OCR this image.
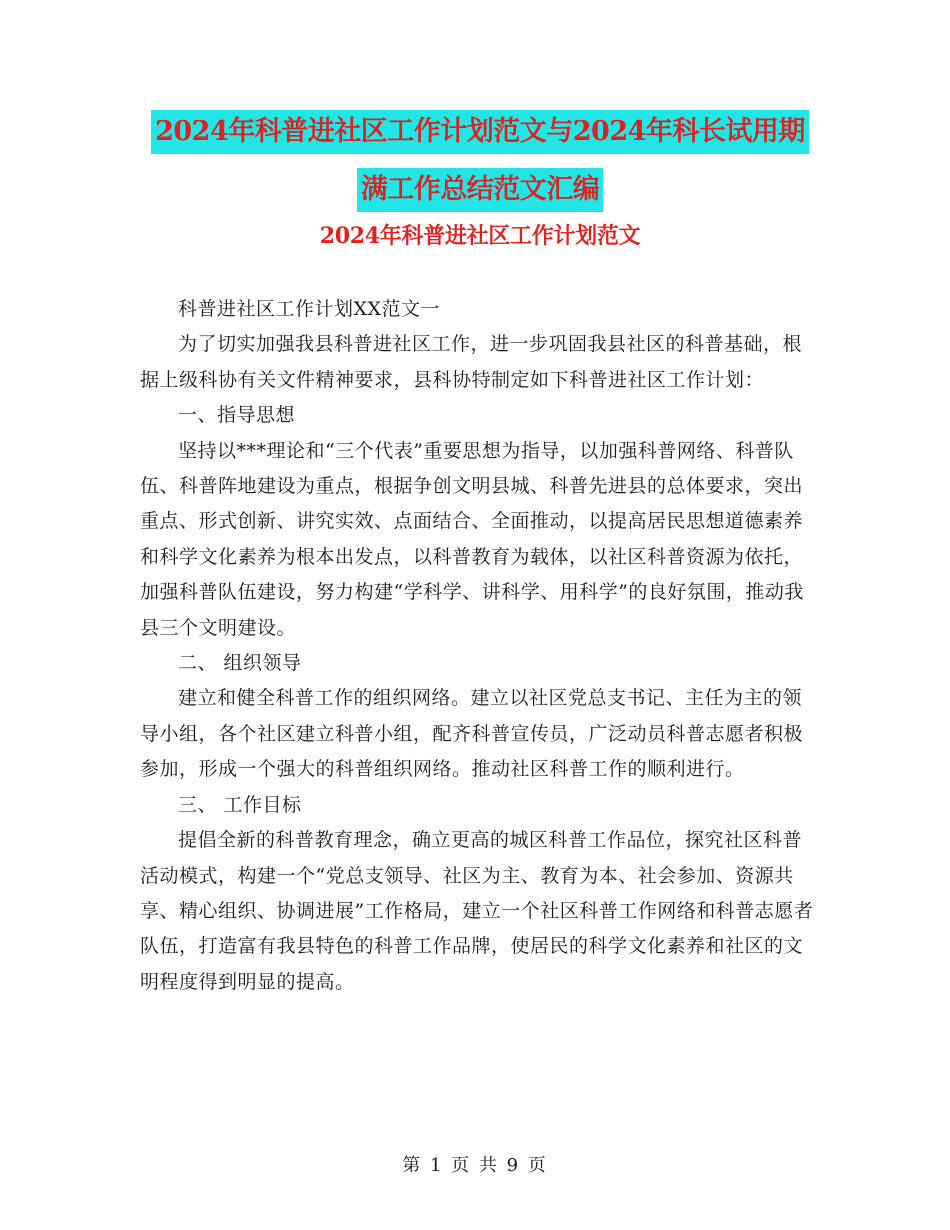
2024年科普进社区工作计划范文与2024年科长试用期
满工作总结范文汇编
2024年科普进社区工作计划范文

科普进社区工作计划XX范文一

为了切实加强我县科普进社区工作，进一步巩固我县社区的科普基础，根据上级科协有关文件精神要求，县科协特制定如下科普进社区工作计划：

一、指导思想

坚持以***理论和“三个代表”重要思想为指导，以加强科普网络、科普队伍、科普阵地建设为重点，根据争创文明县城、科普先进县的总体要求，突出重点、形式创新、讲究实效、点面结合、全面推动，以提高居民思想道德素养和科学文化素养为根本出发点，以科普教育为载体，以社区科普资源为依托，加强科普队伍建设，努力构建“学科学、讲科学、用科学”的良好氛围，推动我县三个文明建设。

二、 组织领导

建立和健全科普工作的组织网络。建立以社区党总支书记、主任为主的领导小组，各个社区建立科普小组，配齐科普宣传员，广泛动员科普志愿者积极参加，形成一个强大的科普组织网络。推动社区科普工作的顺利进行。

三、 工作目标

提倡全新的科普教育理念，确立更高的城区科普工作品位，探究社区科普活动模式，构建一个“党总支领导、社区为主、教育为本、社会参加、资源共享、精心组织、协调进展”工作格局，建立一个社区科普工作网络和科普志愿者队伍，打造富有我县特色的科普工作品牌，使居民的科学文化素养和社区的文明程度得到明显的提高。

第 1 页 共 9 页
